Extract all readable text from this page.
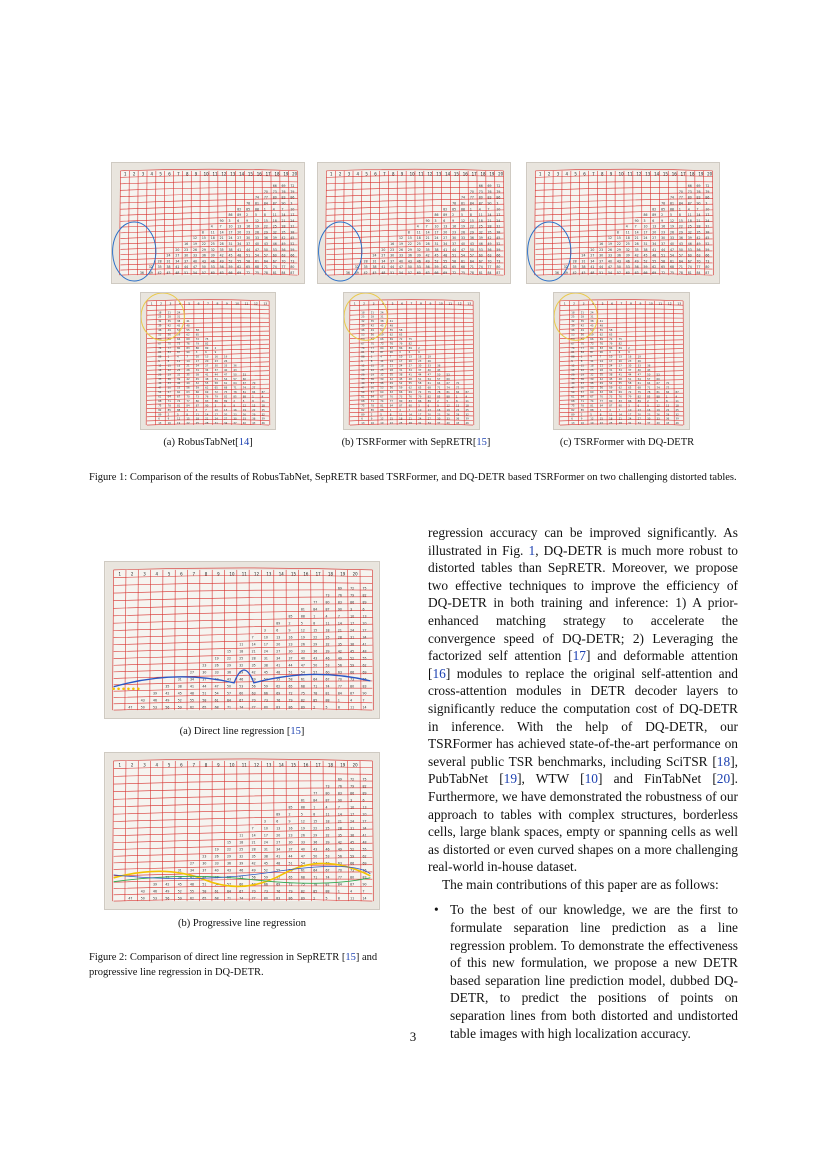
1 2 3 4 5 6 7 8 9 10 11 12 13 14 15 16 17 18 19 20
66 69 72
70 73 76 79
74 77 80 83 86
78 81 84 87 90 3
82 85 88 1 4 7 10
86 89 2 5 8 11 14 17
90 3 6 9 12 15 18 21 24
4 7 10 13 16 19 22 25 28 31
8 11 14 17 20 23 26 29 32 35 38
12 15 18 21 24 27 30 33 36 39 42 45
16 19 22 25 28 31 34 37 40 43 46 49 52
20 23 26 29 32 35 38 41 44 47 50 53 56 59
24 27 30 33 36 39 42 45 48 51 54 57 60 63 66
28 31 34 37 40 43 46 49 52 55 58 61 64 67 70 73
32 35 38 41 44 47 50 53 56 59 62 65 68 71 74 77 80
36 39 42 45 48 51 54 57 60 63 66 69 72 75 78 81 84 87
1 2 3 4 5 6 7 8 9 10 11 12 13 14 15 16 17 18 19 20
66 69 72
70 73 76 79
74 77 80 83 86
78 81 84 87 90 3
82 85 88 1 4 7 10
86 89 2 5 8 11 14 17
90 3 6 9 12 15 18 21 24
4 7 10 13 16 19 22 25 28 31
8 11 14 17 20 23 26 29 32 35 38
12 15 18 21 24 27 30 33 36 39 42 45
16 19 22 25 28 31 34 37 40 43 46 49 52
20 23 26 29 32 35 38 41 44 47 50 53 56 59
24 27 30 33 36 39 42 45 48 51 54 57 60 63 66
28 31 34 37 40 43 46 49 52 55 58 61 64 67 70 73
32 35 38 41 44 47 50 53 56 59 62 65 68 71 74 77 80
36 39 42 45 48 51 54 57 60 63 66 69 72 75 78 81 84 87
1 2 3 4 5 6 7 8 9 10 11 12 13 14 15 16 17 18 19 20
66 69 72
70 73 76 79
74 77 80 83 86
78 81 84 87 90 3
82 85 88 1 4 7 10
86 89 2 5 8 11 14 17
90 3 6 9 12 15 18 21 24
4 7 10 13 16 19 22 25 28 31
8 11 14 17 20 23 26 29 32 35 38
12 15 18 21 24 27 30 33 36 39 42 45
16 19 22 25 28 31 34 37 40 43 46 49 52
20 23 26 29 32 35 38 41 44 47 50 53 56 59
24 27 30 33 36 39 42 45 48 51 54 57 60 63 66
28 31 34 37 40 43 46 49 52 55 58 61 64 67 70 73
32 35 38 41 44 47 50 53 56 59 62 65 68 71 74 77 80
36 39 42 45 48 51 54 57 60 63 66 69 72 75 78 81 84 87
1	2	3	4	5	6	7	8	9	10 11 12 13
18 21 24
25 28 31
32 35 38 41
39 42 45 48
46 49 52 55 58
53 56 59 62 65
60 63 66 69 72 75
67 70 73 76 79 82
74 77 80 83 86 89 2
81 84 87 90 3	6	9
88 1	4	7	10 13 16 19
5	8	11 14 17 20 23 26
12 15 18 21 24 27 30 33 36
19 22 25 28 31 34 37 40 43
26 29 32 35 38 41 44 47 50 53
33 36 39 42 45 48 51 54 57 60
40 43 46 49 52 55 58 61 64 67 70
47 50 53 56 59 62 65 68 71 74 77
54 57 60 63 66 69 72 75 78 81 84 87
61 64 67 70 73 76 79 82 85 88 1	4
68 71 74 77 80 83 86 89 2	5	8	11
75 78 81 84 87 90 3	6	9	12 15 18
82 85 88 1	4	7	10 13 16 19 22 25
89 2	5	8	11 14 17 20 23 26 29 32
6	9	12 15 18 21 24 27 30 33 36 39
13 16 19 22 25 28 31 34 37 40 43 46
1	2	3	4	5	6	7	8	9	10 11 12 13
18 21 24
25 28 31
32 35 38 41
39 42 45 48
46 49 52 55 58
53 56 59 62 65
60 63 66 69 72 75
67 70 73 76 79 82
74 77 80 83 86 89 2
81 84 87 90 3	6	9
88 1	4	7	10 13 16 19
5	8	11 14 17 20 23 26
12 15 18 21 24 27 30 33 36
19 22 25 28 31 34 37 40 43
26 29 32 35 38 41 44 47 50 53
33 36 39 42 45 48 51 54 57 60
40 43 46 49 52 55 58 61 64 67 70
47 50 53 56 59 62 65 68 71 74 77
54 57 60 63 66 69 72 75 78 81 84 87
61 64 67 70 73 76 79 82 85 88 1	4
68 71 74 77 80 83 86 89 2	5	8	11
75 78 81 84 87 90 3	6	9	12 15 18
82 85 88 1	4	7	10 13 16 19 22 25
89 2	5	8	11 14 17 20 23 26 29 32
6	9	12 15 18 21 24 27 30 33 36 39
13 16 19 22 25 28 31 34 37 40 43 46
1	2	3	4	5	6	7	8	9	10 11 12 13
18 21 24
25 28 31
32 35 38 41
39 42 45 48
46 49 52 55 58
53 56 59 62 65
60 63 66 69 72 75
67 70 73 76 79 82
74 77 80 83 86 89 2
81 84 87 90 3	6	9
88 1	4	7	10 13 16 19
5	8	11 14 17 20 23 26
12 15 18 21 24 27 30 33 36
19 22 25 28 31 34 37 40 43
26 29 32 35 38 41 44 47 50 53
33 36 39 42 45 48 51 54 57 60
40 43 46 49 52 55 58 61 64 67 70
47 50 53 56 59 62 65 68 71 74 77
54 57 60 63 66 69 72 75 78 81 84 87
61 64 67 70 73 76 79 82 85 88 1	4
68 71 74 77 80 83 86 89 2	5	8	11
75 78 81 84 87 90 3	6	9	12 15 18
82 85 88 1	4	7	10 13 16 19 22 25
89 2	5	8	11 14 17 20 23 26 29 32
6	9	12 15 18 21 24 27 30 33 36 39
13 16 19 22 25 28 31 34 37 40 43 46
(a) RobusTabNet[14]	(b) TSRFormer with SepRETR[15]	(c) TSRFormer with DQ-DETR
Figure 1: Comparison of the results of RobusTabNet, SepRETR based TSRFormer, and DQ-DETR based TSRFormer on two challenging distorted tables.
1 2 3 4 5 6 7 8 9 10 11 12 13 14 15 16 17 18 19 20
69	72	75
73	76	79	82
77	80	83	86	89
81	84	87	90	3	6
85	88	1	4	7	10	13
89	2	5	8	11	14	17	20
3	6	9	12	15	18	21	24	27
7	10	13	16	19	22	25	28	31	34
11	14	17	20	23	26	29	32	35	38	41
15	18	21	24	27	30	33	36	39	42	45	48
19	22	25	28	31	34	37	40	43	46	49	52	55
23	26	29	32	35	38	41	44	47	50	53	56	59	62
27	30	33	36	39	42	45	48	51	54	57	60	63	66	69
31	34	37	40	43	46	49	52	55	58	61	64	67	70	73	76
35	38	41	44	47	50	53	56	59	62	65	68	71	74	77	80	83
39	42	45	48	51	54	57	60	63	66	69	72	75	78	81	84	87	90
43	46	49	52	55	58	61	64	67	70	73	76	79	82	85	88	1	4	7
47	50	53	56	59	62	65	68	71	74	77	80	83	86	89	2	5	8	11	14
(a) Direct line regression [15]
1 2 3 4 5 6 7 8 9 10 11 12 13 14 15 16 17 18 19 20
69	72	75
73	76	79	82
77	80	83	86	89
81	84	87	90	3	6
85	88	1	4	7	10	13
89	2	5	8	11	14	17	20
3	6	9	12	15	18	21	24	27
7	10	13	16	19	22	25	28	31	34
11	14	17	20	23	26	29	32	35	38	41
15	18	21	24	27	30	33	36	39	42	45	48
19	22	25	28	31	34	37	40	43	46	49	52	55
23	26	29	32	35	38	41	44	47	50	53	56	59	62
27	30	33	36	39	42	45	48	51	54	57	60	63	66	69
31	34	37	40	43	46	49	52	55	58	61	64	67	70	73	76
35	38	41	44	47	50	53	56	59	62	65	68	71	74	77	80	83
39	42	45	48	51	54	57	60	63	66	69	72	75	78	81	84	87	90
43	46	49	52	55	58	61	64	67	70	73	76	79	82	85	88	1	4	7
47	50	53	56	59	62	65	68	71	74	77	80	83	86	89	2	5	8	11	14
(b) Progressive line regression
Figure 2: Comparison of direct line regression in SepRETR [15] and progressive line regression in DQ-DETR.

regression accuracy can be improved significantly. As illustrated in Fig. 1, DQ-DETR is much more robust to distorted tables than SepRETR. Moreover, we propose two effective techniques to improve the efficiency of DQ-DETR in both training and inference: 1) A prior-enhanced matching strategy to accelerate the convergence speed of DQ-DETR; 2) Leveraging the factorized self attention [17] and deformable attention [16] modules to replace the original self-attention and cross-attention modules in DETR decoder layers to significantly reduce the computation cost of DQ-DETR in inference. With the help of DQ-DETR, our TSRFormer has achieved state-of-the-art performance on several public TSR benchmarks, including SciTSR [18], PubTabNet [19], WTW [10] and FinTabNet [20]. Furthermore, we have demonstrated the robustness of our approach to tables with complex structures, borderless cells, large blank spaces, empty or spanning cells as well as distorted or even curved shapes on a more challenging real-world in-house dataset.

The main contributions of this paper are as follows:

• To the best of our knowledge, we are the first to formulate separation line prediction as a line regression problem. To demonstrate the effectiveness of this new formulation, we propose a new DETR based separation line prediction model, dubbed DQ-DETR, to predict the positions of points on separation lines from both distorted and undistorted table images with high localization accuracy.
3
